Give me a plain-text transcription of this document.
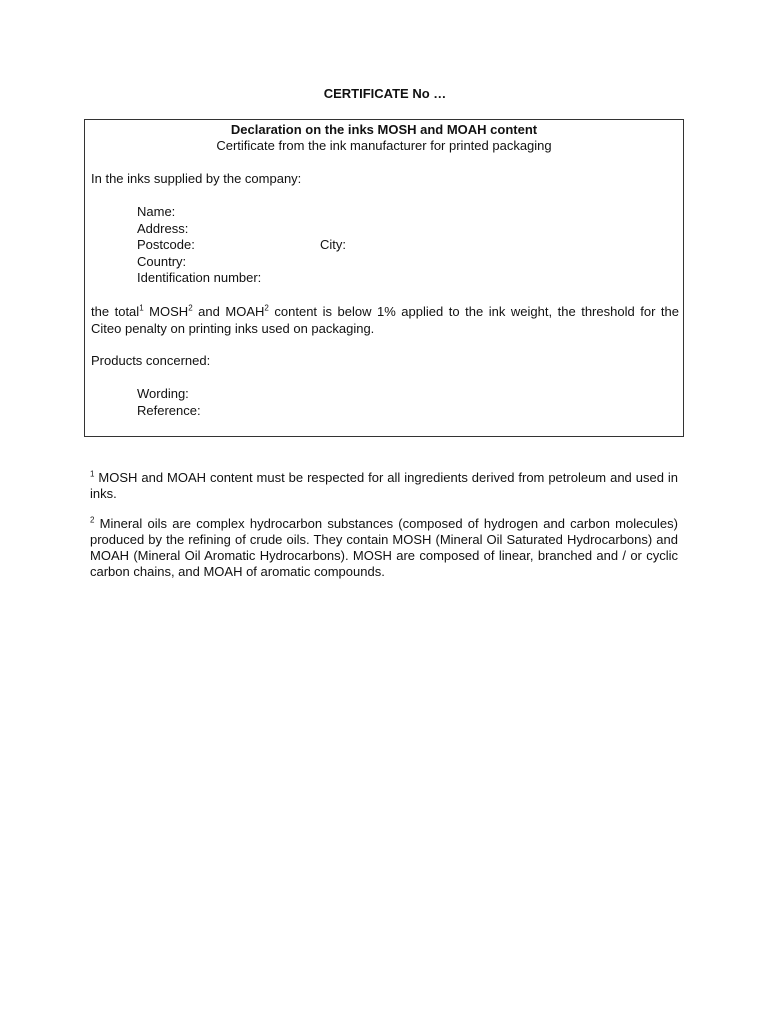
CERTIFICATE No …
Declaration on the inks MOSH and MOAH content
Certificate from the ink manufacturer for printed packaging
In the inks supplied by the company:
Name:
Address:
Postcode:	City:
Country:
Identification number:
the total$^1$ MOSH$^2$ and MOAH$^2$ content is below 1% applied to the ink weight, the threshold for the Citeo penalty on printing inks used on packaging.
Products concerned:
Wording:
Reference:
$^1$ MOSH and MOAH content must be respected for all ingredients derived from petroleum and used in inks.
$^2$ Mineral oils are complex hydrocarbon substances (composed of hydrogen and carbon molecules) produced by the refining of crude oils. They contain MOSH (Mineral Oil Saturated Hydrocarbons) and MOAH (Mineral Oil Aromatic Hydrocarbons). MOSH are composed of linear, branched and / or cyclic carbon chains, and MOAH of aromatic compounds.
